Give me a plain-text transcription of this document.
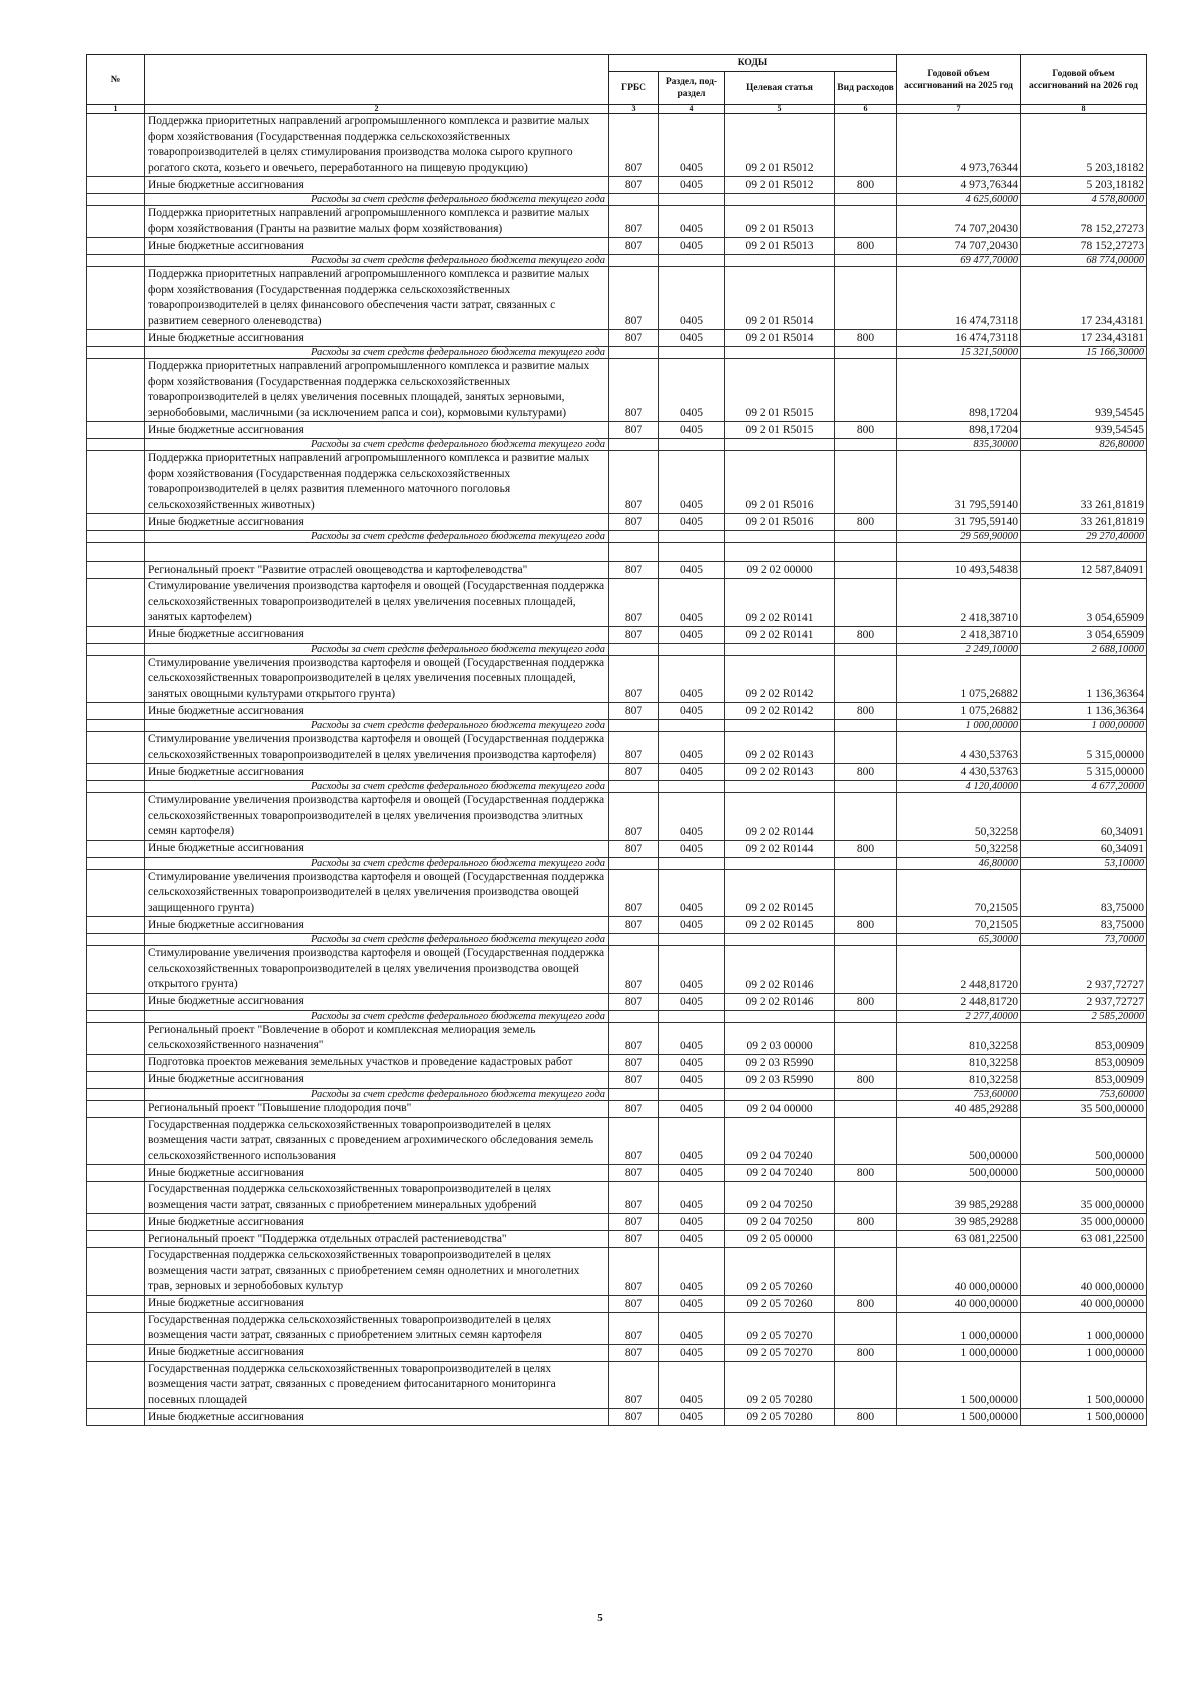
№		КОДЫ				Годовой объем ассигнований на 2025 год	Годовой объем ассигнований на 2026 год
		ГРБС	Раздел, под-раздел	Целевая статья	Вид расходов		
1	2	3	4	5	6	7	8
	Поддержка приоритетных направлений агропромышленного комплекса и развитие малых форм хозяйствования (Государственная поддержка сельскохозяйственных товаропроизводителей в целях стимулирования производства молока сырого крупного рогатого скота, козьего и овечьего, переработанного на пищевую продукцию)	807	0405	09 2 01 R5012		4 973,76344	5 203,18182
	Иные бюджетные ассигнования	807	0405	09 2 01 R5012	800	4 973,76344	5 203,18182
	Расходы за счет средств федерального бюджета текущего года					4 625,60000	4 578,80000
	Поддержка приоритетных направлений агропромышленного комплекса и развитие малых форм хозяйствования (Гранты на развитие малых форм хозяйствования)	807	0405	09 2 01 R5013		74 707,20430	78 152,27273
	Иные бюджетные ассигнования	807	0405	09 2 01 R5013	800	74 707,20430	78 152,27273
	Расходы за счет средств федерального бюджета текущего года					69 477,70000	68 774,00000
	Поддержка приоритетных направлений агропромышленного комплекса и развитие малых форм хозяйствования (Государственная поддержка сельскохозяйственных товаропроизводителей в целях финансового обеспечения части затрат, связанных с развитием северного оленеводства)	807	0405	09 2 01 R5014		16 474,73118	17 234,43181
	Иные бюджетные ассигнования	807	0405	09 2 01 R5014	800	16 474,73118	17 234,43181
	Расходы за счет средств федерального бюджета текущего года					15 321,50000	15 166,30000
	Поддержка приоритетных направлений агропромышленного комплекса и развитие малых форм хозяйствования (Государственная поддержка сельскохозяйственных товаропроизводителей в целях увеличения посевных площадей, занятых зерновыми, зернобобовыми, масличными (за исключением рапса и сои), кормовыми культурами)	807	0405	09 2 01 R5015		898,17204	939,54545
	Иные бюджетные ассигнования	807	0405	09 2 01 R5015	800	898,17204	939,54545
	Расходы за счет средств федерального бюджета текущего года					835,30000	826,80000
	Поддержка приоритетных направлений агропромышленного комплекса и развитие малых форм хозяйствования (Государственная поддержка сельскохозяйственных товаропроизводителей в целях развития племенного маточного поголовья сельскохозяйственных животных)	807	0405	09 2 01 R5016		31 795,59140	33 261,81819
	Иные бюджетные ассигнования	807	0405	09 2 01 R5016	800	31 795,59140	33 261,81819
	Расходы за счет средств федерального бюджета текущего года					29 569,90000	29 270,40000

	Региональный проект "Развитие отраслей овощеводства и картофелеводства"	807	0405	09 2 02 00000		10 493,54838	12 587,84091
	Стимулирование увеличения производства картофеля и овощей (Государственная поддержка сельскохозяйственных товаропроизводителей в целях увеличения посевных площадей, занятых картофелем)	807	0405	09 2 02 R0141		2 418,38710	3 054,65909
	Иные бюджетные ассигнования	807	0405	09 2 02 R0141	800	2 418,38710	3 054,65909
	Расходы за счет средств федерального бюджета текущего года					2 249,10000	2 688,10000
	Стимулирование увеличения производства картофеля и овощей (Государственная поддержка сельскохозяйственных товаропроизводителей в целях увеличения посевных площадей, занятых овощными культурами открытого грунта)	807	0405	09 2 02 R0142		1 075,26882	1 136,36364
	Иные бюджетные ассигнования	807	0405	09 2 02 R0142	800	1 075,26882	1 136,36364
	Расходы за счет средств федерального бюджета текущего года					1 000,00000	1 000,00000
	Стимулирование увеличения производства картофеля и овощей (Государственная поддержка сельскохозяйственных товаропроизводителей в целях увеличения производства картофеля)	807	0405	09 2 02 R0143		4 430,53763	5 315,00000
	Иные бюджетные ассигнования	807	0405	09 2 02 R0143	800	4 430,53763	5 315,00000
	Расходы за счет средств федерального бюджета текущего года					4 120,40000	4 677,20000
	Стимулирование увеличения производства картофеля и овощей (Государственная поддержка сельскохозяйственных товаропроизводителей в целях увеличения производства элитных семян картофеля)	807	0405	09 2 02 R0144		50,32258	60,34091
	Иные бюджетные ассигнования	807	0405	09 2 02 R0144	800	50,32258	60,34091
	Расходы за счет средств федерального бюджета текущего года					46,80000	53,10000
	Стимулирование увеличения производства картофеля и овощей (Государственная поддержка сельскохозяйственных товаропроизводителей в целях увеличения производства овощей защищенного грунта)	807	0405	09 2 02 R0145		70,21505	83,75000
	Иные бюджетные ассигнования	807	0405	09 2 02 R0145	800	70,21505	83,75000
	Расходы за счет средств федерального бюджета текущего года					65,30000	73,70000
	Стимулирование увеличения производства картофеля и овощей (Государственная поддержка сельскохозяйственных товаропроизводителей в целях увеличения производства овощей открытого грунта)	807	0405	09 2 02 R0146		2 448,81720	2 937,72727
	Иные бюджетные ассигнования	807	0405	09 2 02 R0146	800	2 448,81720	2 937,72727
	Расходы за счет средств федерального бюджета текущего года					2 277,40000	2 585,20000
	Региональный проект "Вовлечение в оборот и комплексная мелиорация земель сельскохозяйственного назначения"	807	0405	09 2 03 00000		810,32258	853,00909
	Подготовка проектов межевания земельных участков и проведение кадастровых работ	807	0405	09 2 03 R5990		810,32258	853,00909
	Иные бюджетные ассигнования	807	0405	09 2 03 R5990	800	810,32258	853,00909
	Расходы за счет средств федерального бюджета текущего года					753,60000	753,60000
	Региональный проект "Повышение плодородия почв"	807	0405	09 2 04 00000		40 485,29288	35 500,00000
	Государственная поддержка сельскохозяйственных товаропроизводителей в целях возмещения части затрат, связанных с проведением агрохимического обследования земель сельскохозяйственного использования	807	0405	09 2 04 70240		500,00000	500,00000
	Иные бюджетные ассигнования	807	0405	09 2 04 70240	800	500,00000	500,00000
	Государственная поддержка сельскохозяйственных товаропроизводителей в целях возмещения части затрат, связанных с приобретением минеральных удобрений	807	0405	09 2 04 70250		39 985,29288	35 000,00000
	Иные бюджетные ассигнования	807	0405	09 2 04 70250	800	39 985,29288	35 000,00000
	Региональный проект "Поддержка отдельных отраслей растениеводства"	807	0405	09 2 05 00000		63 081,22500	63 081,22500
	Государственная поддержка сельскохозяйственных товаропроизводителей в целях возмещения части затрат, связанных с приобретением семян однолетних и многолетних трав, зерновых и зернобобовых культур	807	0405	09 2 05 70260		40 000,00000	40 000,00000
	Иные бюджетные ассигнования	807	0405	09 2 05 70260	800	40 000,00000	40 000,00000
	Государственная поддержка сельскохозяйственных товаропроизводителей в целях возмещения части затрат, связанных с приобретением элитных семян картофеля	807	0405	09 2 05 70270		1 000,00000	1 000,00000
	Иные бюджетные ассигнования	807	0405	09 2 05 70270	800	1 000,00000	1 000,00000
	Государственная поддержка сельскохозяйственных товаропроизводителей в целях возмещения части затрат, связанных с проведением фитосанитарного мониторинга посевных площадей	807	0405	09 2 05 70280		1 500,00000	1 500,00000
	Иные бюджетные ассигнования	807	0405	09 2 05 70280	800	1 500,00000	1 500,00000
5
